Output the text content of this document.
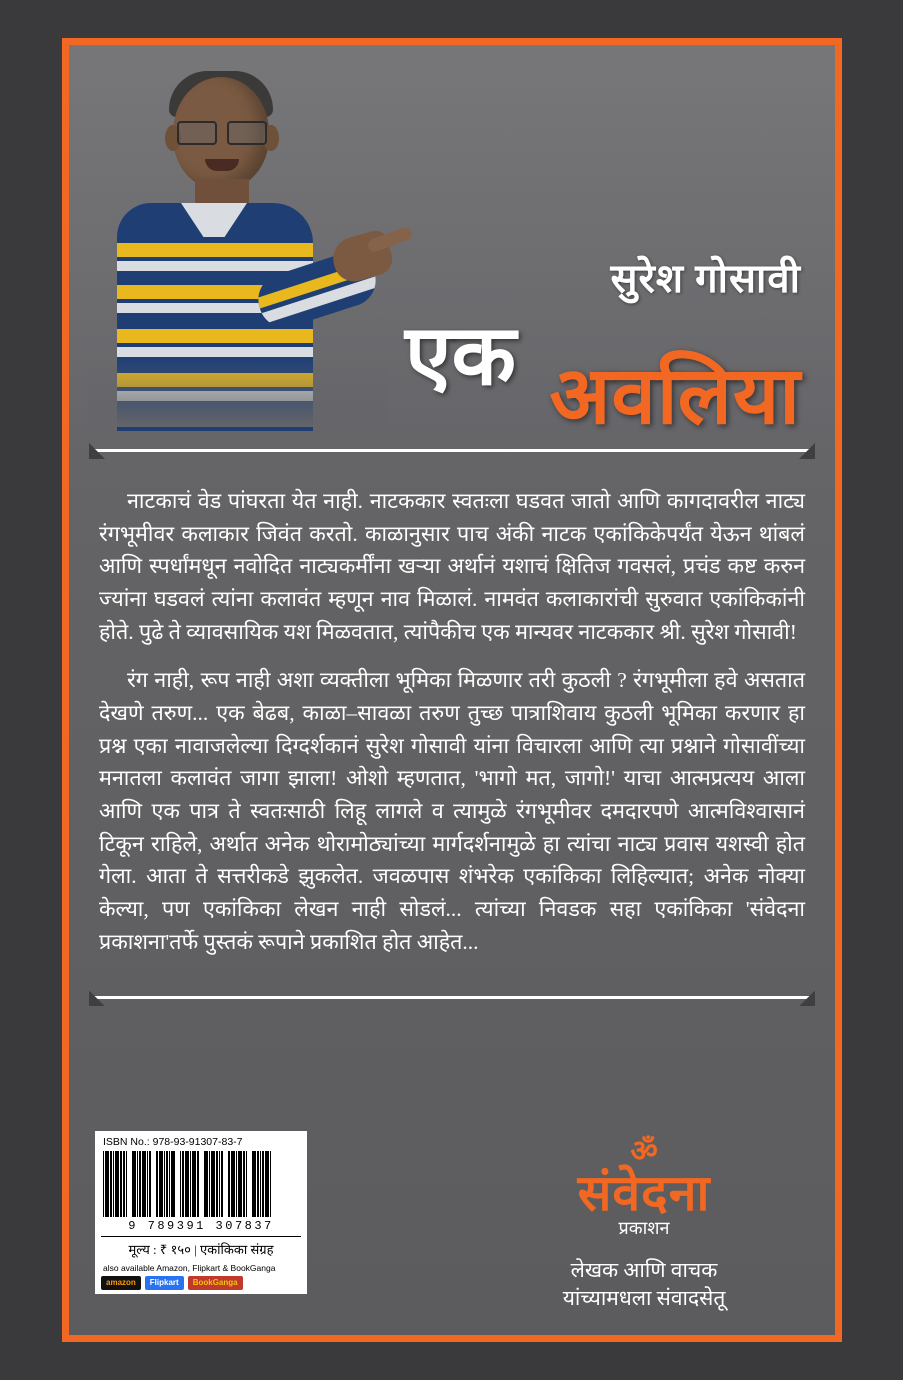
सुरेश गोसावी
एक अवलिया

नाटकाचं वेड पांघरता येत नाही. नाटककार स्वतःला घडवत जातो आणि कागदावरील नाट्य रंगभूमीवर कलाकार जिवंत करतो. काळानुसार पाच अंकी नाटक एकांकिकेपर्यंत येऊन थांबलं आणि स्पर्धांमधून नवोदित नाट्यकर्मींना खऱ्या अर्थानं यशाचं क्षितिज गवसलं, प्रचंड कष्ट करुन ज्यांना घडवलं त्यांना कलावंत म्हणून नाव मिळालं. नामवंत कलाकारांची सुरुवात एकांकिकांनी होते. पुढे ते व्यावसायिक यश मिळवतात, त्यांपैकीच एक मान्यवर नाटककार श्री. सुरेश गोसावी!

रंग नाही, रूप नाही अशा व्यक्तीला भूमिका मिळणार तरी कुठली ? रंगभूमीला हवे असतात देखणे तरुण... एक बेढब, काळा–सावळा तरुण तुच्छ पात्राशिवाय कुठली भूमिका करणार हा प्रश्न एका नावाजलेल्या दिग्दर्शकानं सुरेश गोसावी यांना विचारला आणि त्या प्रश्नाने गोसावींच्या मनातला कलावंत जागा झाला! ओशो म्हणतात, 'भागो मत, जागो!' याचा आत्मप्रत्यय आला आणि एक पात्र ते स्वतःसाठी लिहू लागले व त्यामुळे रंगभूमीवर दमदारपणे आत्मविश्वासानं टिकून राहिले, अर्थात अनेक थोरामोठ्यांच्या मार्गदर्शनामुळे हा त्यांचा नाट्य प्रवास यशस्वी होत गेला. आता ते सत्तरीकडे झुकलेत. जवळपास शंभरेक एकांकिका लिहिल्यात; अनेक नोक्या केल्या, पण एकांकिका लेखन नाही सोडलं... त्यांच्या निवडक सहा एकांकिका 'संवेदना प्रकाशना'तर्फे पुस्तकं रूपाने प्रकाशित होत आहेत...

ISBN No.: 978-93-91307-83-7
9 789391 307837
मूल्य : ₹ १५० | एकांकिका संग्रह
also available Amazon, Flipkart & BookGanga
amazon	Flipkart	BookGanga
ॐ
संवेदना
प्रकाशन
लेखक आणि वाचक
यांच्यामधला संवादसेतू
